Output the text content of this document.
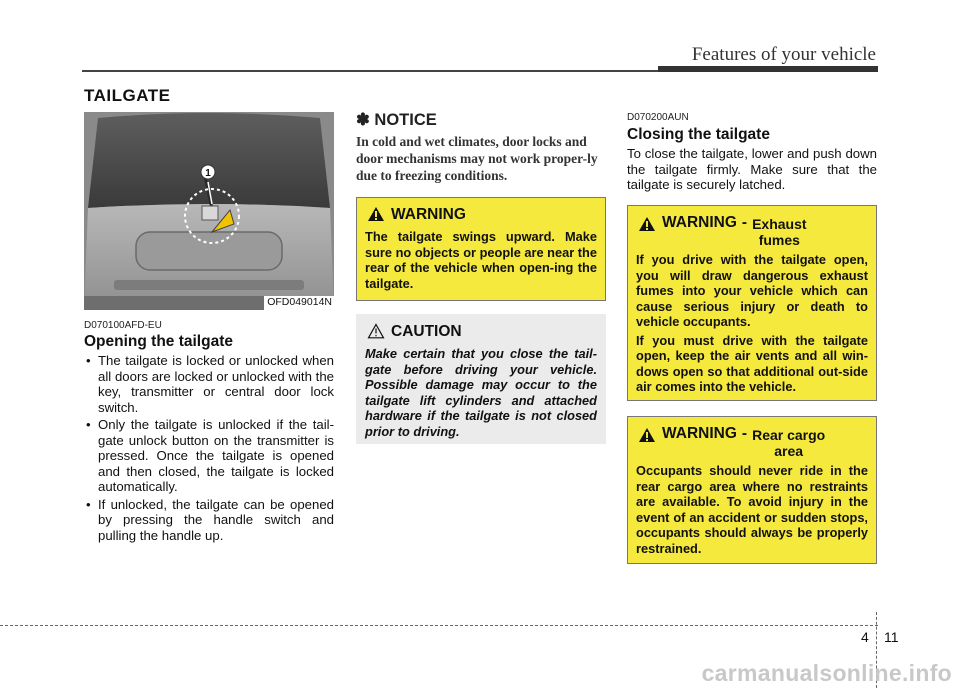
Features of your vehicle
TAILGATE
1
OFD049014N
D070100AFD-EU
Opening the tailgate
• The tailgate is locked or unlocked when all doors are locked or unlocked with the key, transmitter or central door lock switch.
• Only the tailgate is unlocked if the tail-gate unlock button on the transmitter is pressed. Once the tailgate is opened and then closed, the tailgate is locked automatically.
• If unlocked, the tailgate can be opened by pressing the handle switch and pulling the handle up.
✽ NOTICE
In cold and wet climates, door locks and door mechanisms may not work proper-ly due to freezing conditions.
WARNING
The tailgate swings upward. Make sure no objects or people are near the rear of the vehicle when open-ing the tailgate.
CAUTION
Make certain that you close the tail-gate before driving your vehicle. Possible damage may occur to the tailgate lift cylinders and attached hardware if the tailgate is not closed prior to driving.
D070200AUN
Closing the tailgate
To close the tailgate, lower and push down the tailgate firmly. Make sure that the tailgate is securely latched.
WARNING - Exhaust
fumes
If you drive with the tailgate open, you will draw dangerous exhaust fumes into your vehicle which can cause serious injury or death to vehicle occupants.
If you must drive with the tailgate open, keep the air vents and all win-dows open so that additional out-side air comes into the vehicle.
WARNING - Rear cargo
area
Occupants should never ride in the rear cargo area where no restraints are available. To avoid injury in the event of an accident or sudden stops, occupants should always be properly restrained.
4 11
carmanualsonline.info
